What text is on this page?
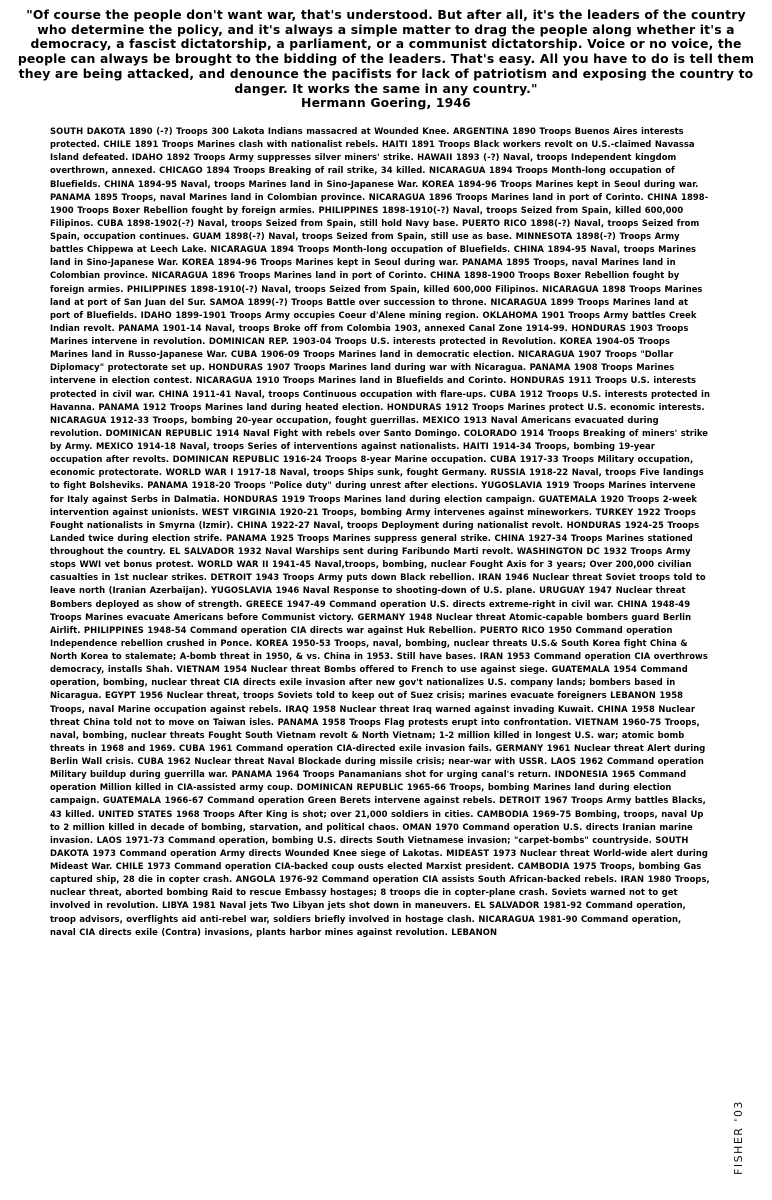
"Of course the people don't want war, that's understood. But after all, it's the leaders of the country who determine the policy, and it's always a simple matter to drag the people along whether it's a democracy, a fascist dictatorship, a parliament, or a communist dictatorship. Voice or no voice, the people can always be brought to the bidding of the leaders. That's easy. All you have to do is tell them they are being attacked, and denounce the pacifists for lack of patriotism and exposing the country to danger. It works the same in any country."
Hermann Goering, 1946
SOUTH DAKOTA 1890 (-?) Troops 300 Lakota Indians massacred at Wounded Knee. ARGENTINA 1890 Troops Buenos Aires interests protected. CHILE 1891 Troops Marines clash with nationalist rebels. HAITI 1891 Troops Black workers revolt on U.S.-claimed Navassa Island defeated. IDAHO 1892 Troops Army suppresses silver miners' strike. HAWAII 1893 (-?) Naval, troops Independent kingdom overthrown, annexed. CHICAGO 1894 Troops Breaking of rail strike, 34 killed. NICARAGUA 1894 Troops Month-long occupation of Bluefields. CHINA 1894-95 Naval, troops Marines land in Sino-Japanese War. KOREA 1894-96 Troops Marines kept in Seoul during war. PANAMA 1895 Troops, naval Marines land in Colombian province. NICARAGUA 1896 Troops Marines land in port of Corinto. CHINA 1898-1900 Troops Boxer Rebellion fought by foreign armies. PHILIPPINES 1898-1910(-?) Naval, troops Seized from Spain, killed 600,000 Filipinos. CUBA 1898-1902(-?) Naval, troops Seized from Spain, still hold Navy base. PUERTO RICO 1898(-?) Naval, troops Seized from Spain, occupation continues. GUAM 1898(-?) Naval, troops Seized from Spain, still use as base. MINNESOTA 1898(-?) Troops Army battles Chippewa at Leech Lake. NICARAGUA 1894 Troops Month-long occupation of Bluefields. CHINA 1894-95 Naval, troops Marines land in Sino-Japanese War. KOREA 1894-96 Troops Marines kept in Seoul during war. PANAMA 1895 Troops, naval Marines land in Colombian province. NICARAGUA 1896 Troops Marines land in port of Corinto. CHINA 1898-1900 Troops Boxer Rebellion fought by foreign armies. PHILIPPINES 1898-1910(-?) Naval, troops Seized from Spain, killed 600,000 Filipinos. NICARAGUA 1898 Troops Marines land at port of San Juan del Sur. SAMOA 1899(-?) Troops Battle over succession to throne. NICARAGUA 1899 Troops Marines land at port of Bluefields. IDAHO 1899-1901 Troops Army occupies Coeur d'Alene mining region. OKLAHOMA 1901 Troops Army battles Creek Indian revolt. PANAMA 1901-14 Naval, troops Broke off from Colombia 1903, annexed Canal Zone 1914-99. HONDURAS 1903 Troops Marines intervene in revolution. DOMINICAN REP. 1903-04 Troops U.S. interests protected in Revolution. KOREA 1904-05 Troops Marines land in Russo-Japanese War. CUBA 1906-09 Troops Marines land in democratic election. NICARAGUA 1907 Troops "Dollar Diplomacy" protectorate set up. HONDURAS 1907 Troops Marines land during war with Nicaragua. PANAMA 1908 Troops Marines intervene in election contest. NICARAGUA 1910 Troops Marines land in Bluefields and Corinto. HONDURAS 1911 Troops U.S. interests protected in civil war. CHINA 1911-41 Naval, troops Continuous occupation with flare-ups. CUBA 1912 Troops U.S. interests protected in Havanna. PANAMA 1912 Troops Marines land during heated election. HONDURAS 1912 Troops Marines protect U.S. economic interests. NICARAGUA 1912-33 Troops, bombing 20-year occupation, fought guerrillas. MEXICO 1913 Naval Americans evacuated during revolution. DOMINICAN REPUBLIC 1914 Naval Fight with rebels over Santo Domingo. COLORADO 1914 Troops Breaking of miners' strike by Army. MEXICO 1914-18 Naval, troops Series of interventions against nationalists. HAITI 1914-34 Troops, bombing 19-year occupation after revolts. DOMINICAN REPUBLIC 1916-24 Troops 8-year Marine occupation. CUBA 1917-33 Troops Military occupation, economic protectorate. WORLD WAR I 1917-18 Naval, troops Ships sunk, fought Germany. RUSSIA 1918-22 Naval, troops Five landings to fight Bolsheviks. PANAMA 1918-20 Troops "Police duty" during unrest after elections. YUGOSLAVIA 1919 Troops Marines intervene for Italy against Serbs in Dalmatia. HONDURAS 1919 Troops Marines land during election campaign. GUATEMALA 1920 Troops 2-week intervention against unionists. WEST VIRGINIA 1920-21 Troops, bombing Army intervenes against mineworkers. TURKEY 1922 Troops Fought nationalists in Smyrna (Izmir). CHINA 1922-27 Naval, troops Deployment during nationalist revolt. HONDURAS 1924-25 Troops Landed twice during election strife. PANAMA 1925 Troops Marines suppress general strike. CHINA 1927-34 Troops Marines stationed throughout the country. EL SALVADOR 1932 Naval Warships sent during Faribundo Marti revolt. WASHINGTON DC 1932 Troops Army stops WWI vet bonus protest. WORLD WAR II 1941-45 Naval,troops, bombing, nuclear Fought Axis for 3 years; Over 200,000 civilian casualties in 1st nuclear strikes. DETROIT 1943 Troops Army puts down Black rebellion. IRAN 1946 Nuclear threat Soviet troops told to leave north (Iranian Azerbaijan). YUGOSLAVIA 1946 Naval Response to shooting-down of U.S. plane. URUGUAY 1947 Nuclear threat Bombers deployed as show of strength. GREECE 1947-49 Command operation U.S. directs extreme-right in civil war. CHINA 1948-49 Troops Marines evacuate Americans before Communist victory. GERMANY 1948 Nuclear threat Atomic-capable bombers guard Berlin Airlift. PHILIPPINES 1948-54 Command operation CIA directs war against Huk Rebellion. PUERTO RICO 1950 Command operation Independence rebellion crushed in Ponce. KOREA 1950-53 Troops, naval, bombing, nuclear threats U.S.& South Korea fight China & North Korea to stalemate; A-bomb threat in 1950, & vs. China in 1953. Still have bases. IRAN 1953 Command operation CIA overthrows democracy, installs Shah. VIETNAM 1954 Nuclear threat Bombs offered to French to use against siege. GUATEMALA 1954 Command operation, bombing, nuclear threat CIA directs exile invasion after new gov't nationalizes U.S. company lands; bombers based in Nicaragua. EGYPT 1956 Nuclear threat, troops Soviets told to keep out of Suez crisis; marines evacuate foreigners LEBANON 1958 Troops, naval Marine occupation against rebels. IRAQ 1958 Nuclear threat Iraq warned against invading Kuwait. CHINA 1958 Nuclear threat China told not to move on Taiwan isles. PANAMA 1958 Troops Flag protests erupt into confrontation. VIETNAM 1960-75 Troops, naval, bombing, nuclear threats Fought South Vietnam revolt & North Vietnam; 1-2 million killed in longest U.S. war; atomic bomb threats in 1968 and 1969. CUBA 1961 Command operation CIA-directed exile invasion fails. GERMANY 1961 Nuclear threat Alert during Berlin Wall crisis. CUBA 1962 Nuclear threat Naval Blockade during missile crisis; near-war with USSR. LAOS 1962 Command operation Military buildup during guerrilla war. PANAMA 1964 Troops Panamanians shot for urging canal's return. INDONESIA 1965 Command operation Million killed in CIA-assisted army coup. DOMINICAN REPUBLIC 1965-66 Troops, bombing Marines land during election campaign. GUATEMALA 1966-67 Command operation Green Berets intervene against rebels. DETROIT 1967 Troops Army battles Blacks, 43 killed. UNITED STATES 1968 Troops After King is shot; over 21,000 soldiers in cities. CAMBODIA 1969-75 Bombing, troops, naval Up to 2 million killed in decade of bombing, starvation, and political chaos. OMAN 1970 Command operation U.S. directs Iranian marine invasion. LAOS 1971-73 Command operation, bombing U.S. directs South Vietnamese invasion; "carpet-bombs" countryside. SOUTH DAKOTA 1973 Command operation Army directs Wounded Knee siege of Lakotas. MIDEAST 1973 Nuclear threat World-wide alert during Mideast War. CHILE 1973 Command operation CIA-backed coup ousts elected Marxist president. CAMBODIA 1975 Troops, bombing Gas captured ship, 28 die in copter crash. ANGOLA 1976-92 Command operation CIA assists South African-backed rebels. IRAN 1980 Troops, nuclear threat, aborted bombing Raid to rescue Embassy hostages; 8 troops die in copter-plane crash. Soviets warned not to get involved in revolution. LIBYA 1981 Naval jets Two Libyan jets shot down in maneuvers. EL SALVADOR 1981-92 Command operation, troop advisors, overflights aid anti-rebel war, soldiers briefly involved in hostage clash. NICARAGUA 1981-90 Command operation, naval CIA directs exile (Contra) invasions, plants harbor mines against revolution. LEBANON
FISHER '03
